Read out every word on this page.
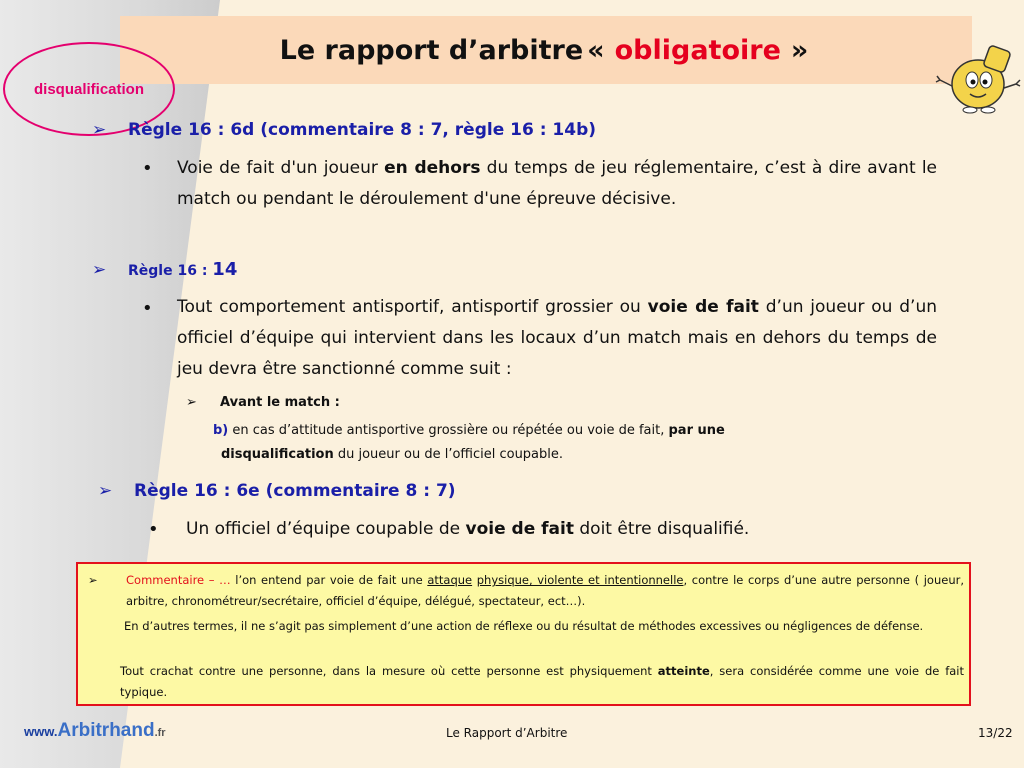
Le rapport d’arbitre « obligatoire »
disqualification
➢ Règle 16 : 6d (commentaire 8 : 7, règle 16 : 14b)
• Voie de fait d'un joueur en dehors du temps de jeu réglementaire, c’est à dire avant le match ou pendant le déroulement d'une épreuve décisive.
➢ Règle 16 : 14
• Tout comportement antisportif, antisportif grossier ou voie de fait d’un joueur ou d’un officiel d’équipe qui intervient dans les locaux d’un match mais en dehors du temps de jeu devra être sanctionné comme suit :
➢ Avant le match :
b) en cas d’attitude antisportive grossière ou répétée ou voie de fait, par une
disqualification du joueur ou de l’officiel coupable.
➢ Règle 16 : 6e (commentaire 8 : 7)
• Un officiel d’équipe coupable de voie de fait doit être disqualifié.
➢	Commentaire – … l’on entend par voie de fait une attaque physique, violente et intentionnelle, contre le corps d’une autre personne ( joueur, arbitre, chronométreur/secrétaire, officiel d’équipe, délégué, spectateur, ect…).
En d’autres termes, il ne s’agit pas simplement d’une action de réflexe ou du résultat de méthodes excessives ou négligences de défense.
Tout crachat contre une personne, dans la mesure où cette personne est physiquement atteinte, sera considérée comme une voie de fait typique.
www.Arbitrhand.fr	Le Rapport d’Arbitre	13/22
